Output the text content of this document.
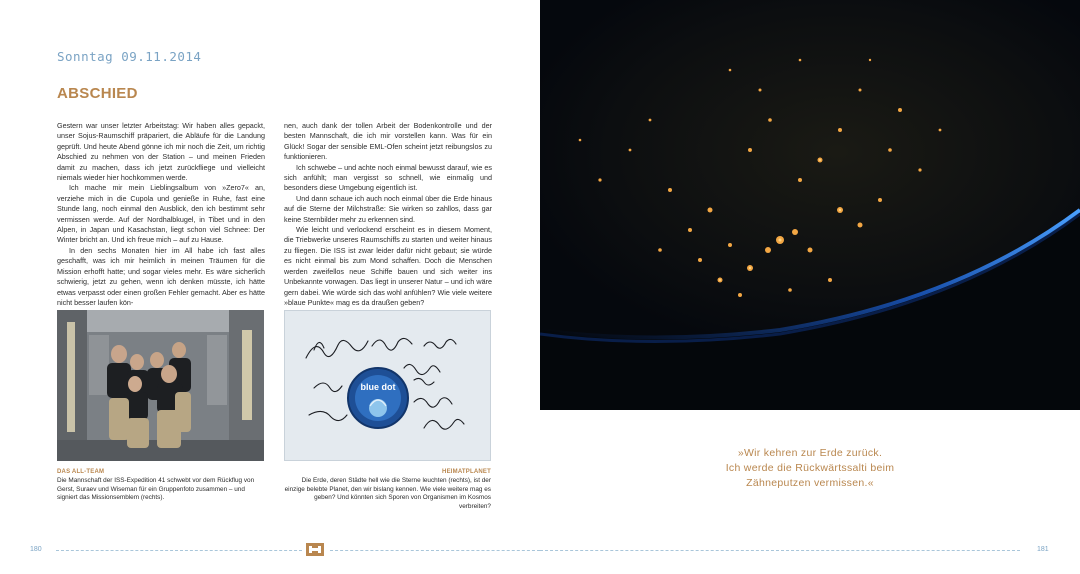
Sonntag 09.11.2014
ABSCHIED

Gestern war unser letzter Arbeitstag: Wir haben alles gepackt, unser Sojus-Raumschiff präpariert, die Abläufe für die Landung geprüft. Und heute Abend gönne ich mir noch die Zeit, um richtig Abschied zu nehmen von der Station – und meinen Frieden damit zu machen, dass ich jetzt zurückfliege und vielleicht niemals wieder hier hochkommen werde.

Ich mache mir mein Lieblingsalbum von »Zero7« an, verziehe mich in die Cupola und genieße in Ruhe, fast eine Stunde lang, noch einmal den Ausblick, den ich bestimmt sehr vermissen werde. Auf der Nordhalbkugel, in Tibet und in den Alpen, in Japan und Kasachstan, liegt schon viel Schnee: Der Winter bricht an. Und ich freue mich – auf zu Hause.

In den sechs Monaten hier im All habe ich fast alles geschafft, was ich mir heimlich in meinen Träumen für die Mission erhofft hatte; und sogar vieles mehr. Es wäre sicherlich schwierig, jetzt zu gehen, wenn ich denken müsste, ich hätte etwas verpasst oder einen großen Fehler gemacht. Aber es hätte nicht besser laufen kön-

nen, auch dank der tollen Arbeit der Bodenkontrolle und der besten Mannschaft, die ich mir vorstellen kann. Was für ein Glück! Sogar der sensible EML-Ofen scheint jetzt reibungslos zu funktionieren.

Ich schwebe – und achte noch einmal bewusst darauf, wie es sich anfühlt; man vergisst so schnell, wie einmalig und besonders diese Umgebung eigentlich ist.

Und dann schaue ich auch noch einmal über die Erde hinaus auf die Sterne der Milchstraße: Sie wirken so zahllos, dass gar keine Sternbilder mehr zu erkennen sind.

Wie leicht und verlockend erscheint es in diesem Moment, die Triebwerke unseres Raumschiffs zu starten und weiter hinaus zu fliegen. Die ISS ist zwar leider dafür nicht gebaut; sie würde es nicht einmal bis zum Mond schaffen. Doch die Menschen werden zweifellos neue Schiffe bauen und sich weiter ins Unbekannte vorwagen. Das liegt in unserer Natur – und ich wäre gern dabei. Wie würde sich das wohl anfühlen? Wie viele weitere »blaue Punkte« mag es da draußen geben?

blue dot
DAS ALL-TEAM
Die Mannschaft der ISS-Expedition 41 schwebt vor dem Rückflug von Gerst, Suraev und Wiseman für ein Gruppenfoto zusammen – und signiert das Missionsemblem (rechts).
HEIMATPLANET
Die Erde, deren Städte hell wie die Sterne leuchten (rechts), ist der einzige belebte Planet, den wir bislang kennen. Wie viele weitere mag es geben? Und könnten sich Sporen von Organismen im Kosmos verbreiten?
180
»Wir kehren zur Erde zurück.
Ich werde die Rückwärtssalti beim
Zähneputzen vermissen.«
181
